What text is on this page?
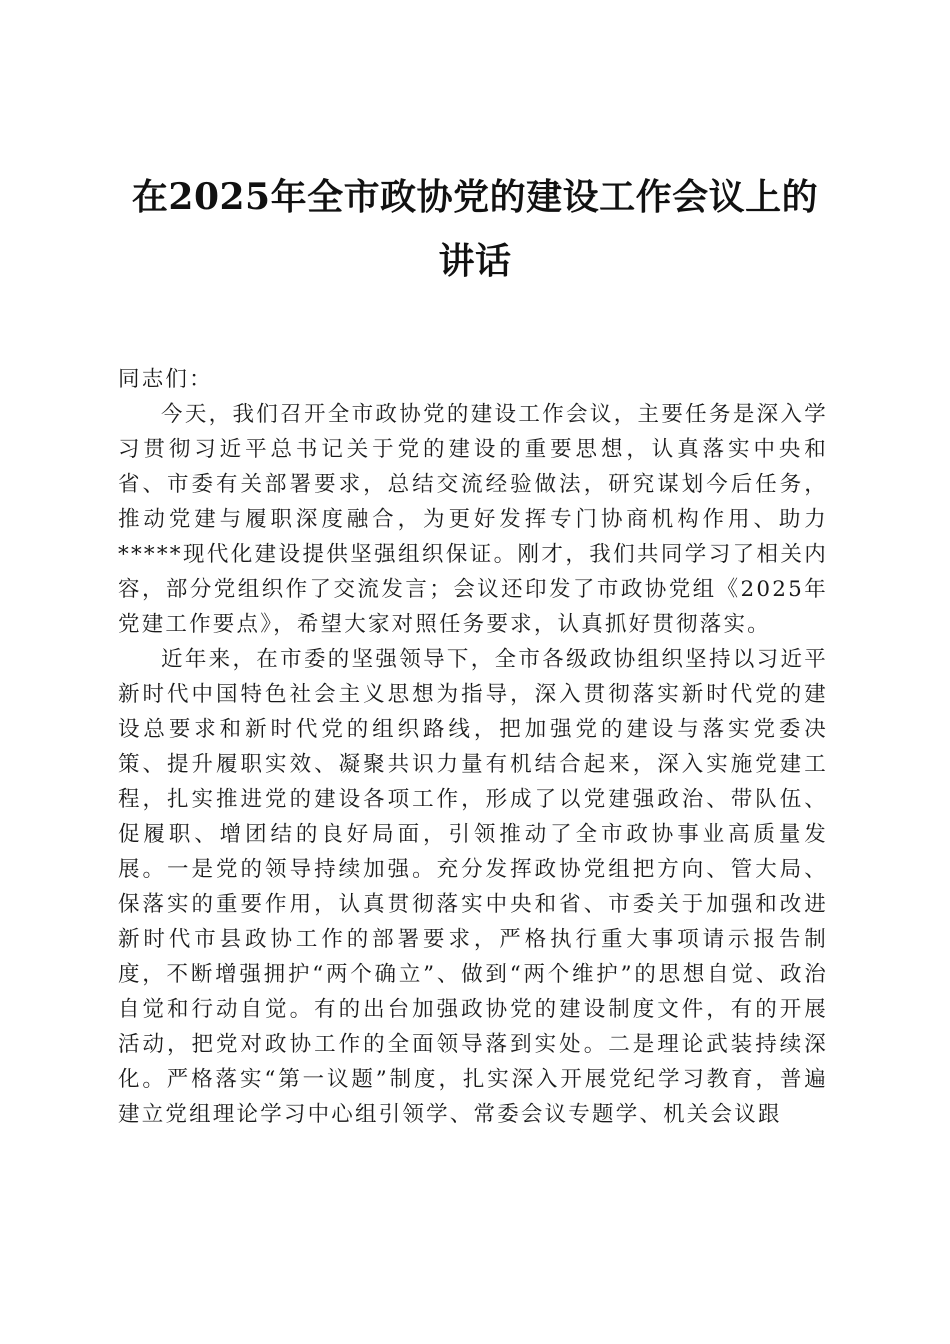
在2025年全市政协党的建设工作会议上的讲话

同志们：

今天，我们召开全市政协党的建设工作会议，主要任务是深入学习贯彻习近平总书记关于党的建设的重要思想，认真落实中央和省、市委有关部署要求，总结交流经验做法，研究谋划今后任务，推动党建与履职深度融合，为更好发挥专门协商机构作用、助力*****现代化建设提供坚强组织保证。刚才，我们共同学习了相关内容，部分党组织作了交流发言；会议还印发了市政协党组《2025年党建工作要点》，希望大家对照任务要求，认真抓好贯彻落实。

近年来，在市委的坚强领导下，全市各级政协组织坚持以习近平新时代中国特色社会主义思想为指导，深入贯彻落实新时代党的建设总要求和新时代党的组织路线，把加强党的建设与落实党委决策、提升履职实效、凝聚共识力量有机结合起来，深入实施党建工程，扎实推进党的建设各项工作，形成了以党建强政治、带队伍、促履职、增团结的良好局面，引领推动了全市政协事业高质量发展。一是党的领导持续加强。充分发挥政协党组把方向、管大局、保落实的重要作用，认真贯彻落实中央和省、市委关于加强和改进新时代市县政协工作的部署要求，严格执行重大事项请示报告制度，不断增强拥护“两个确立”、做到“两个维护”的思想自觉、政治自觉和行动自觉。有的出台加强政协党的建设制度文件，有的开展活动，把党对政协工作的全面领导落到实处。二是理论武装持续深化。严格落实“第一议题”制度，扎实深入开展党纪学习教育，普遍建立党组理论学习中心组引领学、常委会议专题学、机关会议跟
